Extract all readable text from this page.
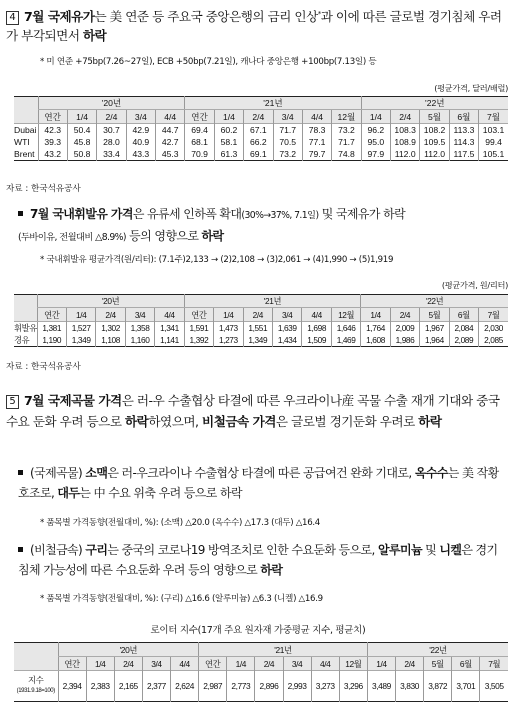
4 7월 국제유가는 美 연준 등 주요국 중앙은행의 금리 인상*과 이에 따른 글로벌 경기침체 우려가 부각되면서 하락
* 미 연준 +75bp(7.26~27일), ECB +50bp(7.21일), 캐나다 중앙은행 +100bp(7.13일) 등
(평균가격, 달러/배럴)
	'20년					'21년						'22년				
	연간	1/4	2/4	3/4	4/4	연간	1/4	2/4	3/4	4/4	12월	1/4	2/4	5월	6월	7월
Dubai	42.3	50.4	30.7	42.9	44.7	69.4	60.2	67.1	71.7	78.3	73.2	96.2	108.3	108.2	113.3	103.1
WTI	39.3	45.8	28.0	40.9	42.7	68.1	58.1	66.2	70.5	77.1	71.7	95.0	108.9	109.5	114.3	99.4
Brent	43.2	50.8	33.4	43.3	45.3	70.9	61.3	69.1	73.2	79.7	74.8	97.9	112.0	112.0	117.5	105.1
자료 : 한국석유공사
7월 국내휘발유 가격은 유류세 인하폭 확대(30%→37%, 7.1일) 및 국제유가 하락
(두바이유, 전월대비 △8.9%) 등의 영향으로 하락
* 국내휘발유 평균가격(원/리터): (7.1주)2,133 → (2)2,108 → (3)2,061 → (4)1,990 → (5)1,919
(평균가격, 원/리터)
	'20년					'21년						'22년				
	연간	1/4	2/4	3/4	4/4	연간	1/4	2/4	3/4	4/4	12월	1/4	2/4	5월	6월	7월
휘발유	1,381	1,527	1,302	1,358	1,341	1,591	1,473	1,551	1,639	1,698	1,646	1,764	2,009	1,967	2,084	2,030
경유	1,190	1,349	1,108	1,160	1,141	1,392	1,273	1,349	1,434	1,509	1,469	1,608	1,986	1,964	2,089	2,085
자료 : 한국석유공사
5 7월 국제곡물 가격은 러-우 수출협상 타결에 따른 우크라이나産 곡물 수출 재개 기대와 중국 수요 둔화 우려 등으로 하락하였으며, 비철금속 가격은 글로벌 경기둔화 우려로 하락
(국제곡물) 소맥은 러-우크라이나 수출협상 타결에 따른 공급여건 완화 기대로, 옥수수는 美 작황호조로, 대두는 中 수요 위축 우려 등으로 하락
* 품목별 가격동향(전월대비, %): (소맥) △20.0 (옥수수) △17.3 (대두) △16.4
(비철금속) 구리는 중국의 코로나19 방역조치로 인한 수요둔화 등으로, 알루미늄 및 니켈은 경기침체 가능성에 따른 수요둔화 우려 등의 영향으로 하락
* 품목별 가격동향(전월대비, %): (구리) △16.6 (알루미늄) △6.3 (니켈) △16.9
로이터 지수(17개 주요 원자재 가중평균 지수, 평균치)
	'20년					'21년						'22년				
	연간	1/4	2/4	3/4	4/4	연간	1/4	2/4	3/4	4/4	12월	1/4	2/4	5월	6월	7월

지수
(1931.9.18=100)	2,394	2,383	2,165	2,377	2,624	2,987	2,773	2,896	2,993	3,273	3,296	3,489	3,830	3,872	3,701	3,505
